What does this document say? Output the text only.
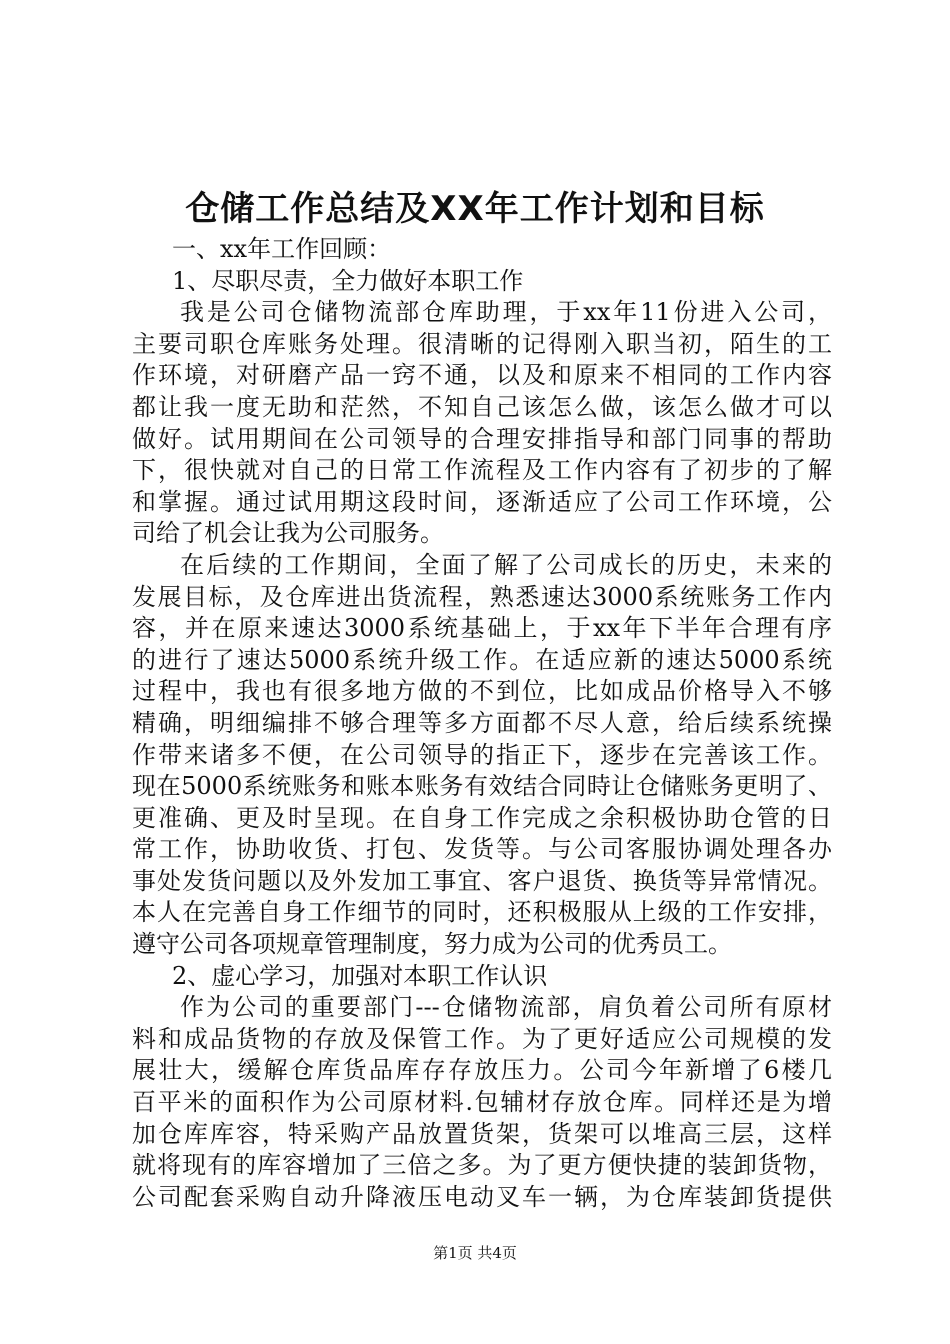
仓储工作总结及XX年工作计划和目标
一、xx年工作回顾：
1、尽职尽责，全力做好本职工作
我是公司仓储物流部仓库助理，于xx年11份进入公司，
主要司职仓库账务处理。很清晰的记得刚入职当初，陌生的工
作环境，对研磨产品一窍不通，以及和原来不相同的工作内容
都让我一度无助和茫然，不知自己该怎么做，该怎么做才可以
做好。试用期间在公司领导的合理安排指导和部门同事的帮助
下，很快就对自己的日常工作流程及工作内容有了初步的了解
和掌握。通过试用期这段时间，逐渐适应了公司工作环境，公
司给了机会让我为公司服务。
在后续的工作期间，全面了解了公司成长的历史，未来的
发展目标，及仓库进出货流程，熟悉速达3000系统账务工作内
容，并在原来速达3000系统基础上，于xx年下半年合理有序
的进行了速达5000系统升级工作。在适应新的速达5000系统
过程中，我也有很多地方做的不到位，比如成品价格导入不够
精确，明细编排不够合理等多方面都不尽人意，给后续系统操
作带来诸多不便，在公司领导的指正下，逐步在完善该工作。
现在5000系统账务和账本账务有效结合同時让仓储账务更明了、
更准确、更及时呈现。在自身工作完成之余积极协助仓管的日
常工作，协助收货、打包、发货等。与公司客服协调处理各办
事处发货问题以及外发加工事宜、客户退货、换货等异常情况。
本人在完善自身工作细节的同时，还积极服从上级的工作安排，
遵守公司各项规章管理制度，努力成为公司的优秀员工。
2、虚心学习，加强对本职工作认识
作为公司的重要部门---仓储物流部，肩负着公司所有原材
料和成品货物的存放及保管工作。为了更好适应公司规模的发
展壮大，缓解仓库货品库存存放压力。公司今年新增了6楼几
百平米的面积作为公司原材料.包辅材存放仓库。同样还是为增
加仓库库容，特采购产品放置货架，货架可以堆高三层，这样
就将现有的库容增加了三倍之多。为了更方便快捷的装卸货物，
公司配套采购自动升降液压电动叉车一辆，为仓库装卸货提供
第1页 共4页
